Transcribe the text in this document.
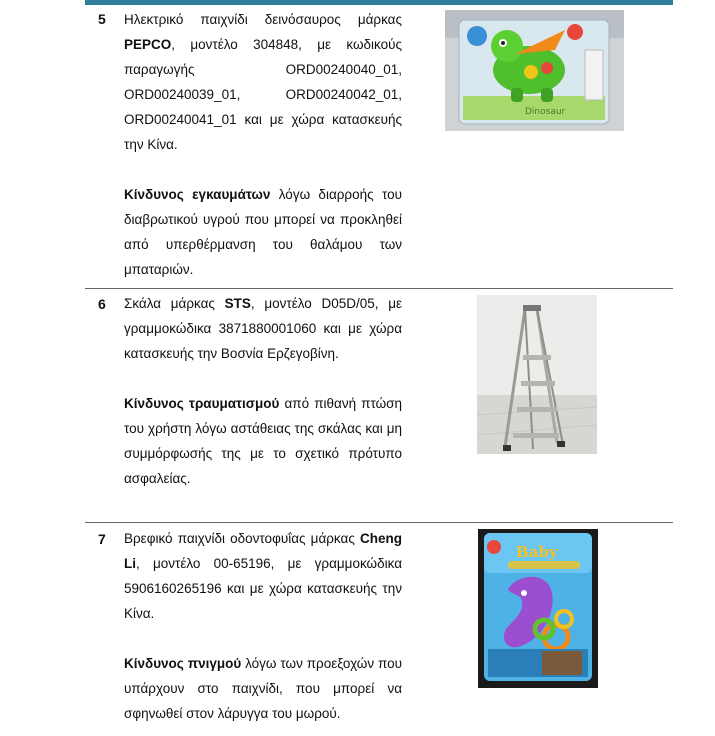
5 Ηλεκτρικό παιχνίδι δεινόσαυρος μάρκας PEPCO, μοντέλο 304848, με κωδικούς παραγωγής ORD00240040_01, ORD00240039_01, ORD00240042_01, ORD00240041_01 και με χώρα κατασκευής την Κίνα.

Κίνδυνος εγκαυμάτων λόγω διαρροής του διαβρωτικού υγρού που μπορεί να προκληθεί από υπερθέρμανση του θαλάμου των μπαταριών.

Dinosaur
6 Σκάλα μάρκας STS, μοντέλο D05D/05, με γραμμοκώδικα 3871880001060 και με χώρα κατασκευής την Βοσνία Ερζεγοβίνη.

Κίνδυνος τραυματισμού από πιθανή πτώση του χρήστη λόγω αστάθειας της σκάλας και μη συμμόρφωσής της με το σχετικό πρότυπο ασφαλείας.

7 Βρεφικό παιχνίδι οδοντοφυΐας μάρκας Cheng Li, μοντέλο 00-65196, με γραμμοκώδικα 5906160265196 και με χώρα κατασκευής την Κίνα.

Κίνδυνος πνιγμού λόγω των προεξοχών που υπάρχουν στο παιχνίδι, που μπορεί να σφηνωθεί στον λάρυγγα του μωρού.

Baby
